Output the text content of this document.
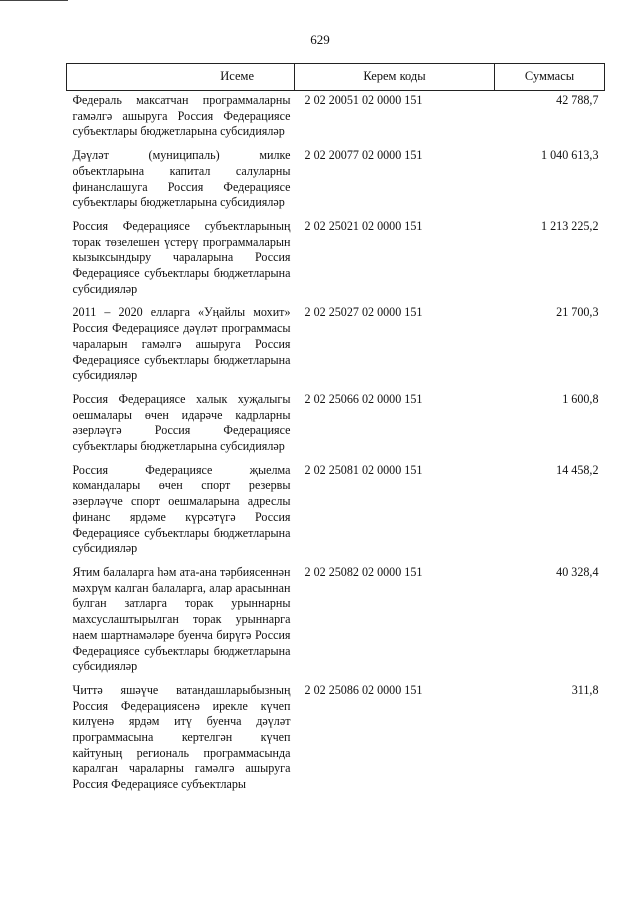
629
Исеме	Керем коды	Суммасы

Федераль максатчан программаларны гамәлгә ашыруга Россия Федерациясе субъектлары бюджетларына субсидияләр	2 02 20051 02 0000 151	42 788,7
Дәүләт (муниципаль) милке объектларына капитал салуларны финанслашуга Россия Федерациясе субъектлары бюджетларына субсидияләр	2 02 20077 02 0000 151	1 040 613,3
Россия Федерациясе субъектларының торак төзелешен үстерү программаларын кызыксындыру чараларына Россия Федерациясе субъектлары бюджетларына субсидияләр	2 02 25021 02 0000 151	1 213 225,2
2011 – 2020 елларга «Уңайлы мохит» Россия Федерациясе дәүләт программасы чараларын гамәлгә ашыруга Россия Федерациясе субъектлары бюджетларына субсидияләр	2 02 25027 02 0000 151	21 700,3
Россия Федерациясе халык хуҗалыгы оешмалары өчен идарәче кадрларны әзерләүгә Россия Федерациясе субъектлары бюджетларына субсидияләр	2 02 25066 02 0000 151	1 600,8
Россия Федерациясе җыелма командалары өчен спорт резервы әзерләүче спорт оешмаларына адреслы финанс ярдәме күрсәтүгә Россия Федерациясе субъектлары бюджетларына субсидияләр	2 02 25081 02 0000 151	14 458,2
Ятим балаларга һәм ата-ана тәрбиясеннән мәхрүм калган балаларга, алар арасыннан булган затларга торак урыннарны махсуслаштырылган торак урыннарга наем шартнамәләре буенча бирүгә Россия Федерациясе субъектлары бюджетларына субсидияләр	2 02 25082 02 0000 151	40 328,4
Читтә яшәүче ватандашларыбызның Россия Федерациясенә ирекле күчеп килүенә ярдәм итү буенча дәүләт программасына кертелгән күчеп кайтуның региональ программасында каралган чараларны гамәлгә ашыруга Россия Федерациясе субъектлары	2 02 25086 02 0000 151	311,8
